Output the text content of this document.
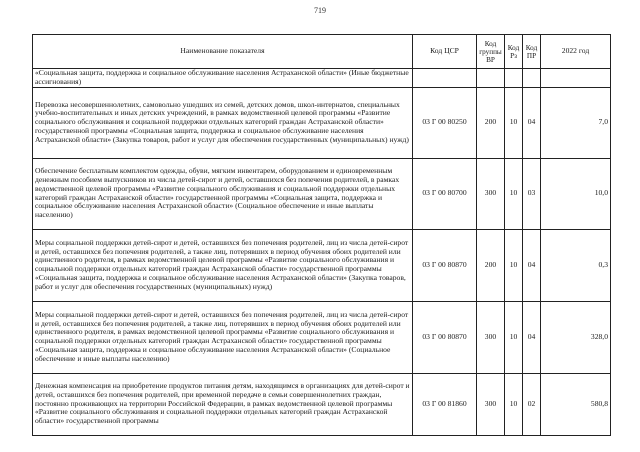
719
Наименование показателя	Код ЦСР	Код группы ВР	Код Рз	Код ПР	2022 год
«Социальная защита, поддержка и социальное обслуживание населения Астраханской области» (Иные бюджетные ассигнования)					
Перевозка несовершеннолетних, самовольно ушедших из семей, детских домов, школ-интернатов, специальных учебно-воспитательных и иных детских учреждений, в рамках ведомственной целевой программы «Развитие социального обслуживания и социальной поддержки отдельных категорий граждан Астраханской области» государственной программы «Социальная защита, поддержка и социальное обслуживание населения Астраханской области» (Закупка товаров, работ и услуг для обеспечения государственных (муниципальных) нужд)	03 Г 00 80250	200	10	04	7,0
Обеспечение бесплатным комплектом одежды, обуви, мягким инвентарем, оборудованием и единовременным денежным пособием выпускников из числа детей-сирот и детей, оставшихся без попечения родителей, в рамках ведомственной целевой программы «Развитие социального обслуживания и социальной поддержки отдельных категорий граждан Астраханской области» государственной программы «Социальная защита, поддержка и социальное обслуживание населения Астраханской области» (Социальное обеспечение и иные выплаты населению)	03 Г 00 80700	300	10	03	10,0
Меры социальной поддержки детей-сирот и детей, оставшихся без попечения родителей, лиц из числа детей-сирот и детей, оставшихся без попечения родителей, а также лиц, потерявших в период обучения обоих родителей или единственного родителя, в рамках ведомственной целевой программы «Развитие социального обслуживания и социальной поддержки отдельных категорий граждан Астраханской области» государственной программы «Социальная защита, поддержка и социальное обслуживание населения Астраханской области» (Закупка товаров, работ и услуг для обеспечения государственных (муниципальных) нужд)	03 Г 00 80870	200	10	04	0,3
Меры социальной поддержки детей-сирот и детей, оставшихся без попечения родителей, лиц из числа детей-сирот и детей, оставшихся без попечения родителей, а также лиц, потерявших в период обучения обоих родителей или единственного родителя, в рамках ведомственной целевой программы «Развитие социального обслуживания и социальной поддержки отдельных категорий граждан Астраханской области» государственной программы «Социальная защита, поддержка и социальное обслуживание населения Астраханской области» (Социальное обеспечение и иные выплаты населению)	03 Г 00 80870	300	10	04	328,0
Денежная компенсация на приобретение продуктов питания детям, находящимся в организациях для детей-сирот и детей, оставшихся без попечения родителей, при временной передаче в семьи совершеннолетних граждан, постоянно проживающих на территории Российской Федерации, в рамках ведомственной целевой программы «Развитие социального обслуживания и социальной поддержки отдельных категорий граждан Астраханской области» государственной программы	03 Г 00 81860	300	10	02	580,8
